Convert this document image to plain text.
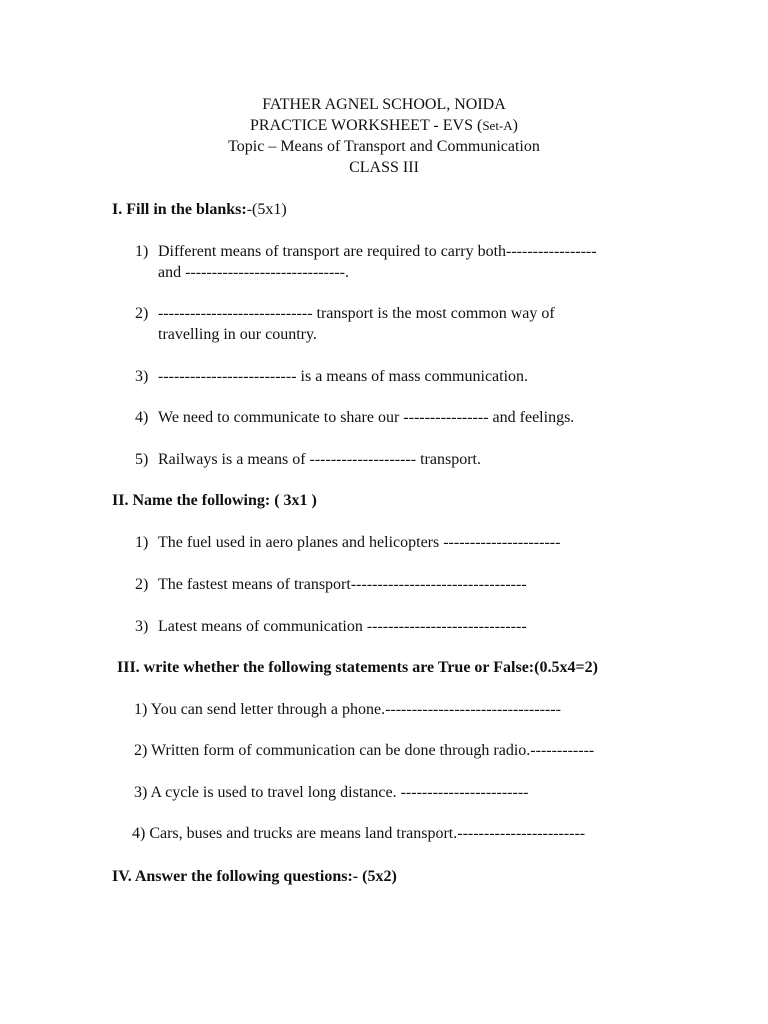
FATHER AGNEL SCHOOL, NOIDA
PRACTICE WORKSHEET - EVS (Set-A)
Topic – Means of Transport and Communication
CLASS III
I. Fill in the blanks:-(5x1)
1) Different means of transport are required to carry both-----------------
and ------------------------------.
2) ----------------------------- transport is the most common way of
travelling in our country.
3) -------------------------- is a means of mass communication.
4) We need to communicate to share our ---------------- and feelings.
5) Railways is a means of -------------------- transport.
II. Name the following: ( 3x1 )
1) The fuel used in aero planes and helicopters ----------------------
2) The fastest means of transport---------------------------------
3) Latest means of communication ------------------------------
III. write whether the following statements are True or False:(0.5x4=2)
1) You can send letter through a phone.---------------------------------
2) Written form of communication can be done through radio.------------
3) A cycle is used to travel long distance. ------------------------
4) Cars, buses and trucks are means land transport.------------------------
IV. Answer the following questions:- (5x2)
